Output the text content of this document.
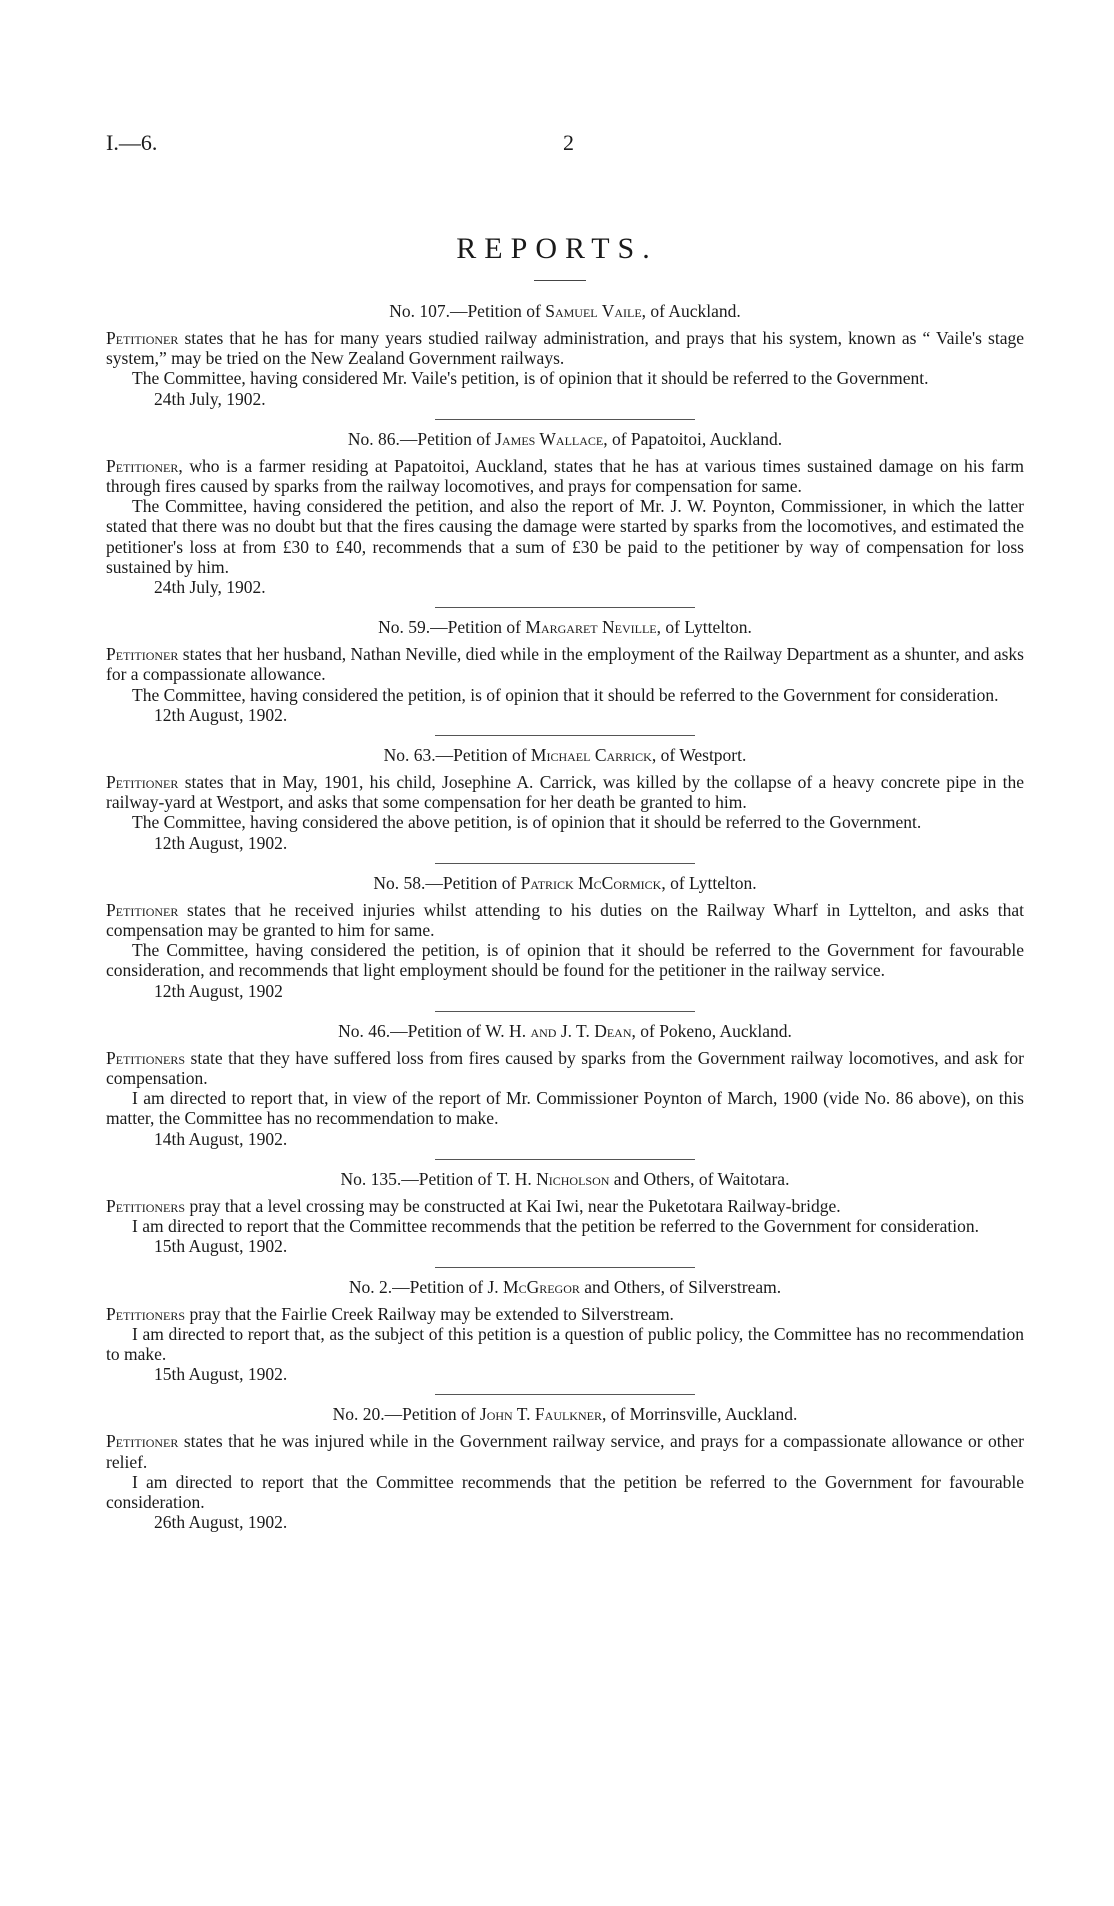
I.—6.	2
REPORTS.
No. 107.—Petition of Samuel Vaile, of Auckland.

Petitioner states that he has for many years studied railway administration, and prays that his system, known as “ Vaile's stage system,” may be tried on the New Zealand Government railways.

The Committee, having considered Mr. Vaile's petition, is of opinion that it should be referred to the Government.

24th July, 1902.

No. 86.—Petition of James Wallace, of Papatoitoi, Auckland.

Petitioner, who is a farmer residing at Papatoitoi, Auckland, states that he has at various times sustained damage on his farm through fires caused by sparks from the railway locomotives, and prays for compensation for same.

The Committee, having considered the petition, and also the report of Mr. J. W. Poynton, Commissioner, in which the latter stated that there was no doubt but that the fires causing the damage were started by sparks from the locomotives, and estimated the petitioner's loss at from £30 to £40, recommends that a sum of £30 be paid to the petitioner by way of compensation for loss sustained by him.

24th July, 1902.

No. 59.—Petition of Margaret Neville, of Lyttelton.

Petitioner states that her husband, Nathan Neville, died while in the employment of the Railway Department as a shunter, and asks for a compassionate allowance.

The Committee, having considered the petition, is of opinion that it should be referred to the Government for consideration.

12th August, 1902.

No. 63.—Petition of Michael Carrick, of Westport.

Petitioner states that in May, 1901, his child, Josephine A. Carrick, was killed by the collapse of a heavy concrete pipe in the railway-yard at Westport, and asks that some compensation for her death be granted to him.

The Committee, having considered the above petition, is of opinion that it should be referred to the Government.

12th August, 1902.

No. 58.—Petition of Patrick McCormick, of Lyttelton.

Petitioner states that he received injuries whilst attending to his duties on the Railway Wharf in Lyttelton, and asks that compensation may be granted to him for same.

The Committee, having considered the petition, is of opinion that it should be referred to the Government for favourable consideration, and recommends that light employment should be found for the petitioner in the railway service.

12th August, 1902

No. 46.—Petition of W. H. and J. T. Dean, of Pokeno, Auckland.

Petitioners state that they have suffered loss from fires caused by sparks from the Government railway locomotives, and ask for compensation.

I am directed to report that, in view of the report of Mr. Commissioner Poynton of March, 1900 (vide No. 86 above), on this matter, the Committee has no recommendation to make.

14th August, 1902.

No. 135.—Petition of T. H. Nicholson and Others, of Waitotara.

Petitioners pray that a level crossing may be constructed at Kai Iwi, near the Puketotara Railway-bridge.

I am directed to report that the Committee recommends that the petition be referred to the Government for consideration.

15th August, 1902.

No. 2.—Petition of J. McGregor and Others, of Silverstream.

Petitioners pray that the Fairlie Creek Railway may be extended to Silverstream.

I am directed to report that, as the subject of this petition is a question of public policy, the Committee has no recommendation to make.

15th August, 1902.

No. 20.—Petition of John T. Faulkner, of Morrinsville, Auckland.

Petitioner states that he was injured while in the Government railway service, and prays for a compassionate allowance or other relief.

I am directed to report that the Committee recommends that the petition be referred to the Government for favourable consideration.

26th August, 1902.
